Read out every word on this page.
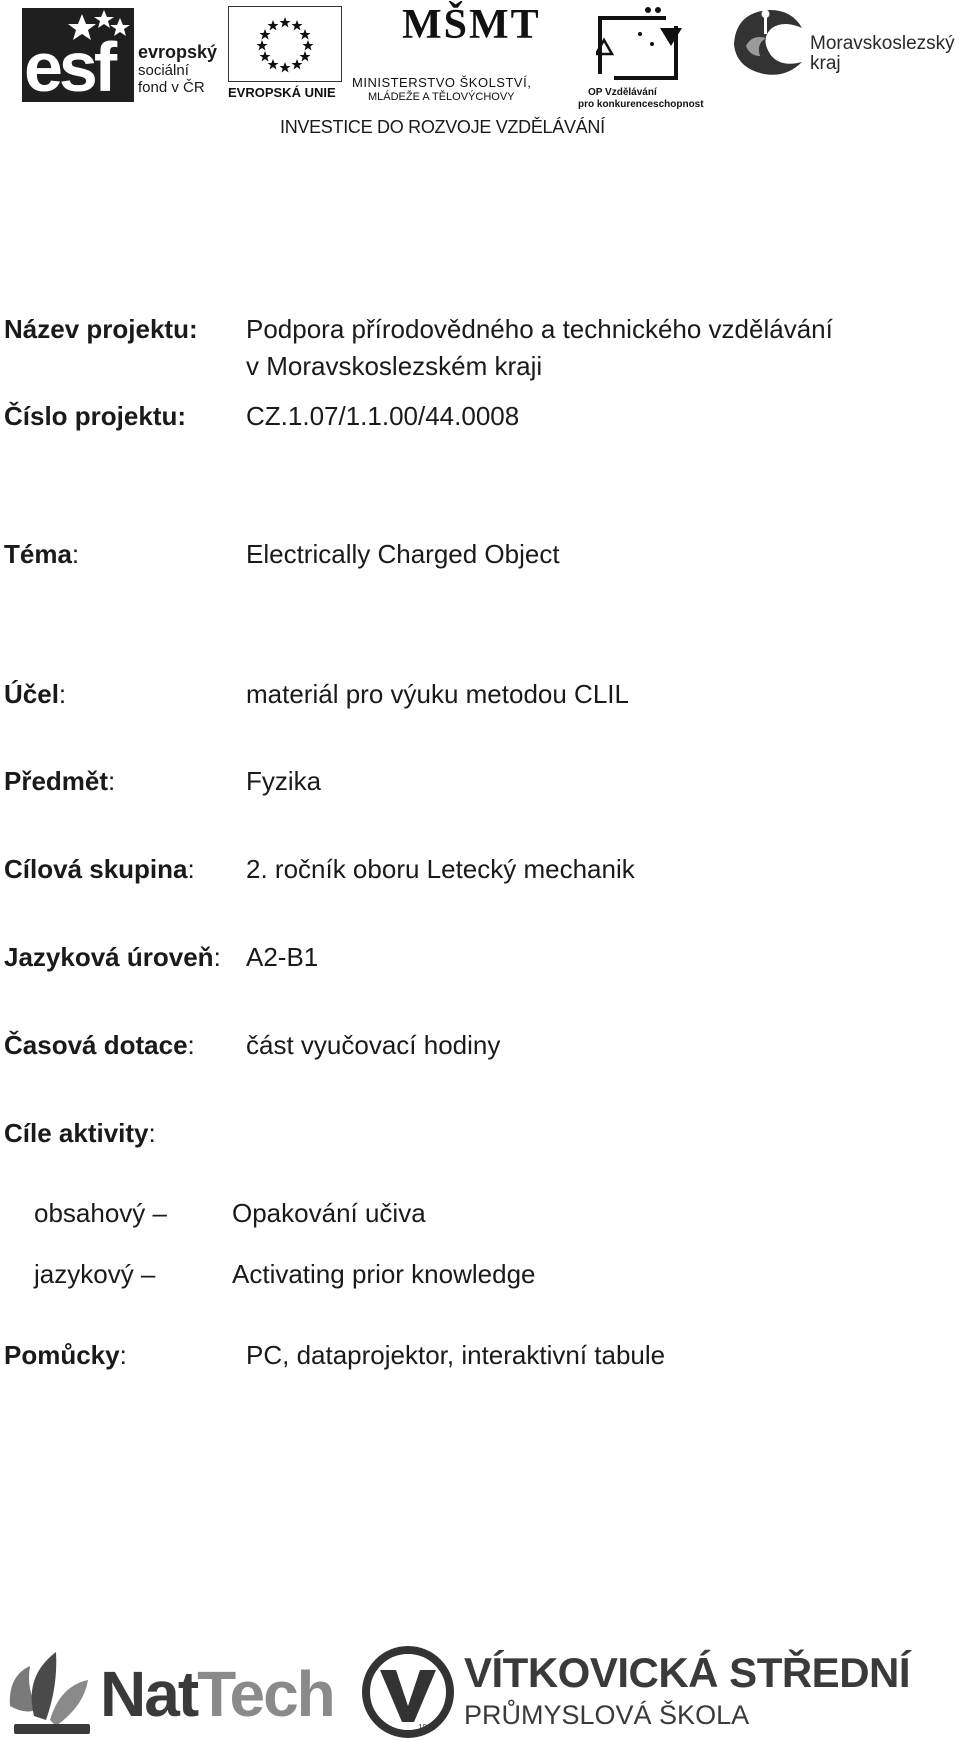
esf evropský
sociální
fond v ČR	EVROPSKÁ UNIE
MŠMT
MINISTERSTVO ŠKOLSTVÍ,
MLÁDEŽE A TĚLOVÝCHOVY	OP Vzdělávání
pro konkurenceschopnost
Moravskoslezský
kraj
INVESTICE DO ROZVOJE VZDĚLÁVÁNÍ
Název projektu: Podpora přírodovědného a technického vzdělávání
v Moravskoslezském kraji
Číslo projektu: CZ.1.07/1.1.00/44.0008
Téma:	Electrically Charged Object
Účel:	materiál pro výuku metodou CLIL
Předmět:	Fyzika
Cílová skupina: 2. ročník oboru Letecký mechanik
Jazyková úroveň: A2-B1
Časová dotace: část vyučovací hodiny
Cíle aktivity:
obsahový –	Opakování učiva
jazykový –	Activating prior knowledge
Pomůcky:	PC, dataprojektor, interaktivní tabule
NatTech	1828
VÍTKOVICKÁ STŘEDNÍ
PRŮMYSLOVÁ ŠKOLA
